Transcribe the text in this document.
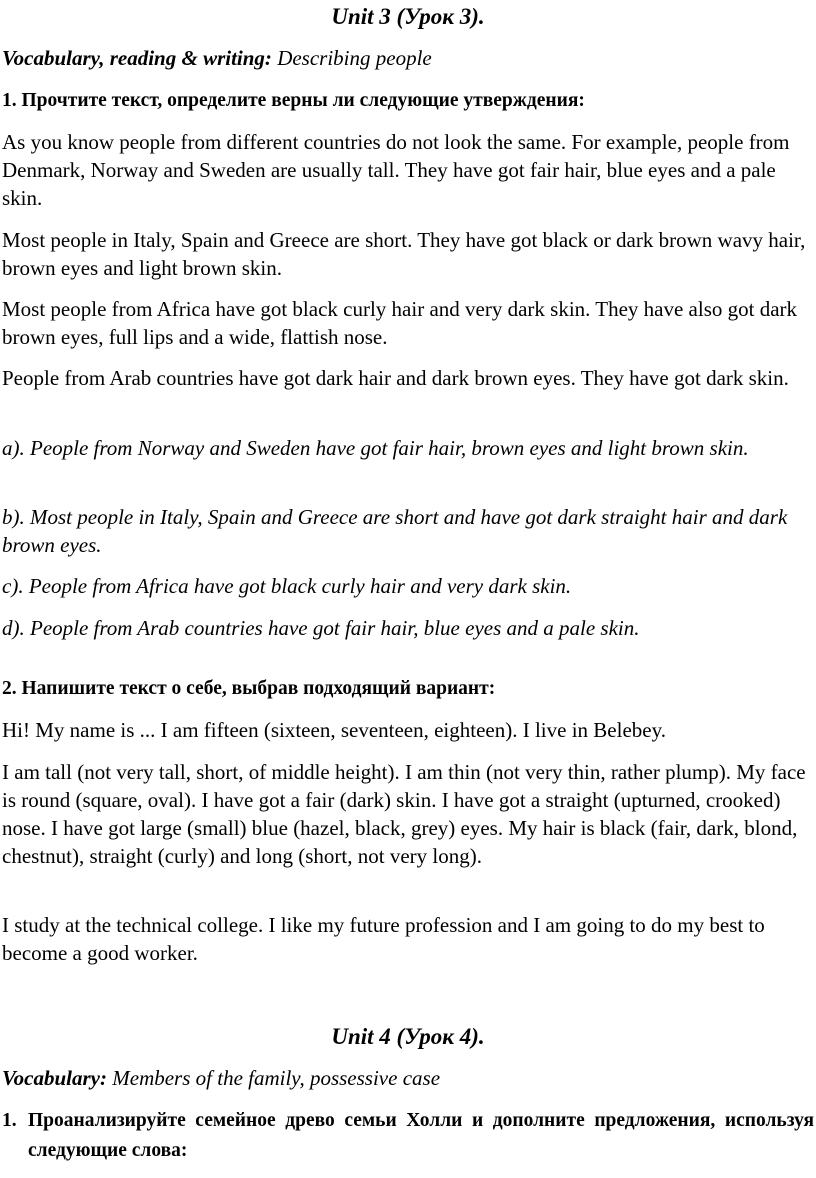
Unit 3 (Урок 3).

Vocabulary, reading & writing: Describing people

1. Прочтите текст, определите верны ли следующие утверждения:

As you know people from different countries do not look the same. For example, people from Denmark, Norway and Sweden are usually tall. They have got fair hair, blue eyes and a pale skin.

Most people in Italy, Spain and Greece are short. They have got black or dark brown wavy hair, brown eyes and light brown skin.

Most people from Africa have got black curly hair and very dark skin. They have also got dark brown eyes, full lips and a wide, flattish nose.

People from Arab countries have got dark hair and dark brown eyes. They have got dark skin.

a). People from Norway and Sweden have got fair hair, brown eyes and light brown skin.

b). Most people in Italy, Spain and Greece are short and have got dark straight hair and dark brown eyes.

c). People from Africa have got black curly hair and very dark skin.

d). People from Arab countries have got fair hair, blue eyes and a pale skin.

2. Напишите текст о себе, выбрав подходящий вариант:

Hi! My name is ... I am fifteen (sixteen, seventeen, eighteen). I live in Belebey.

I am tall (not very tall, short, of middle height). I am thin (not very thin, rather plump). My face is round (square, oval). I have got a fair (dark) skin. I have got a straight (upturned, crooked) nose. I have got large (small) blue (hazel, black, grey) eyes. My hair is black (fair, dark, blond, chestnut), straight (curly) and long (short, not very long).

I study at the technical college. I like my future profession and I am going to do my best to become a good worker.

Unit 4 (Урок 4).

Vocabulary: Members of the family, possessive case

1. Проанализируйте семейное древо семьи Холли и дополните предложения, используя следующие слова:
